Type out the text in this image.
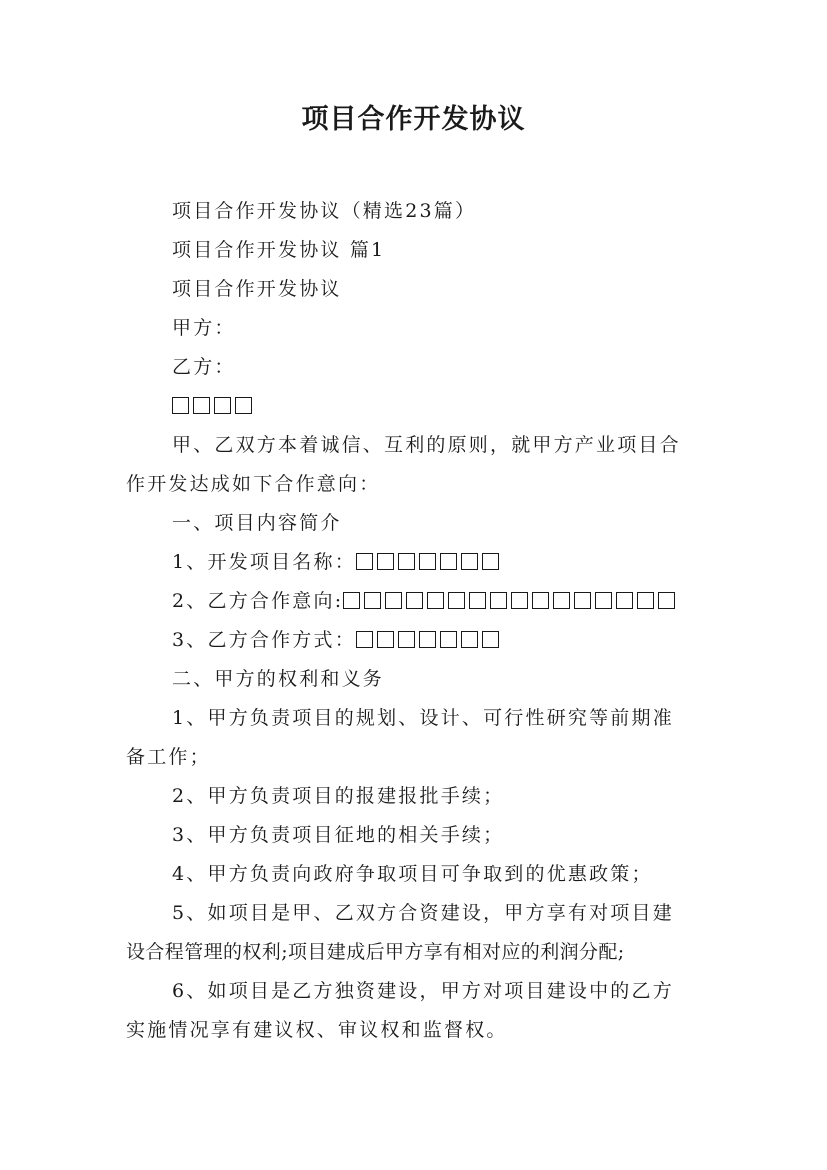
项目合作开发协议
项目合作开发协议（精选23篇）
项目合作开发协议 篇1
项目合作开发协议
甲方：
乙方：
甲、乙双方本着诚信、互利的原则，就甲方产业项目合
作开发达成如下合作意向：
一、项目内容简介
1、开发项目名称：
2、乙方合作意向:
3、乙方合作方式：
二、甲方的权利和义务
1、甲方负责项目的规划、设计、可行性研究等前期准
备工作；
2、甲方负责项目的报建报批手续；
3、甲方负责项目征地的相关手续；
4、甲方负责向政府争取项目可争取到的优惠政策；
5、如项目是甲、乙双方合资建设，甲方享有对项目建
设合程管理的权利;项目建成后甲方享有相对应的利润分配;
6、如项目是乙方独资建设，甲方对项目建设中的乙方
实施情况享有建议权、审议权和监督权。
